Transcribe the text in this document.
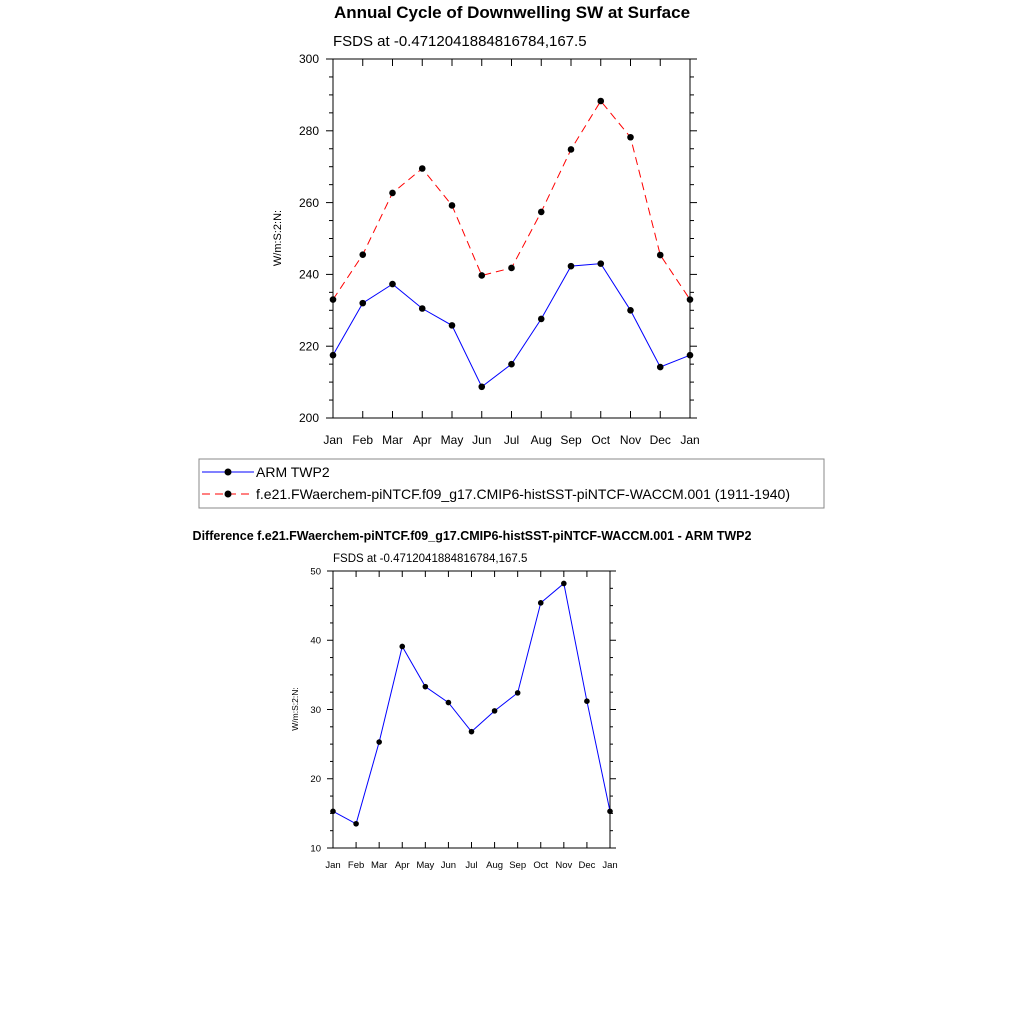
Annual Cycle of Downwelling SW at Surface
FSDS at -0.4712041884816784,167.5
W/m:S:2:N:
Difference f.e21.FWaerchem-piNTCF.f09_g17.CMIP6-histSST-piNTCF-WACCM.001 - ARM TWP2
FSDS at -0.4712041884816784,167.5
W/m:S:2:N:
ARM TWP2
f.e21.FWaerchem-piNTCF.f09_g17.CMIP6-histSST-piNTCF-WACCM.001 (1911-1940)
Jan Feb Mar Apr May Jun Jul Aug Sep Oct Nov Dec Jan
200
220
240
260
280
300
Jan Feb Mar Apr May Jun Jul Aug Sep Oct Nov Dec Jan
10
20
30
40
50
